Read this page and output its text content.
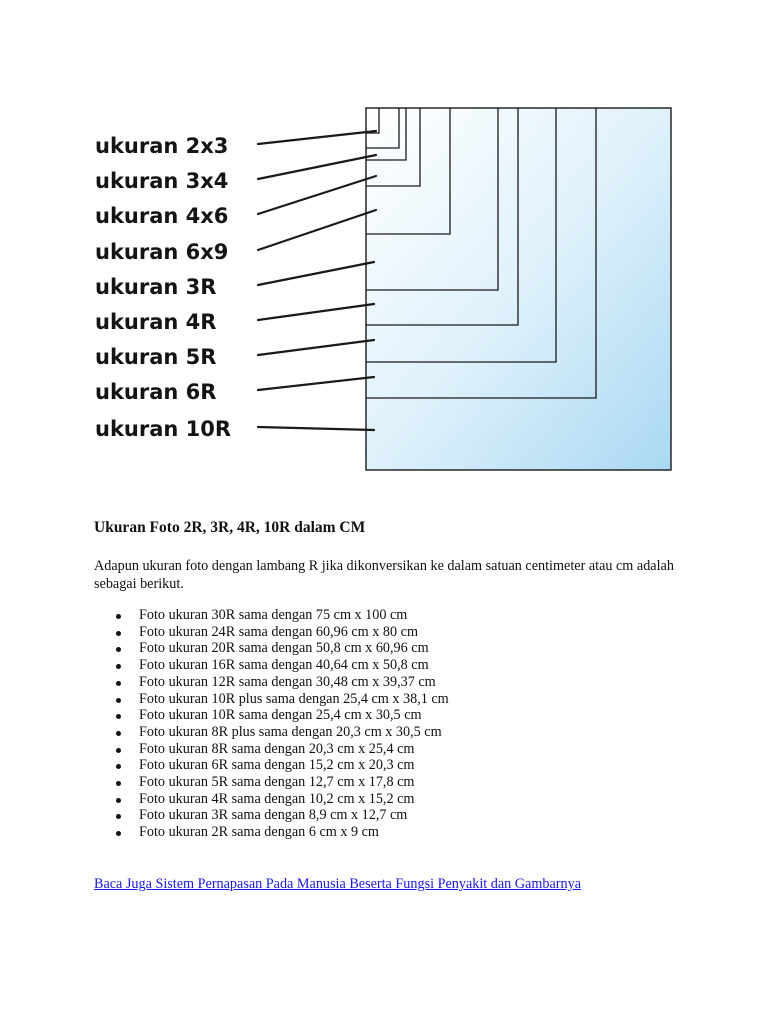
ukuran 2x3
ukuran 3x4
ukuran 4x6
ukuran 6x9
ukuran 3R
ukuran 4R
ukuran 5R
ukuran 6R
ukuran 10R
Ukuran Foto 2R, 3R, 4R, 10R dalam CM

Adapun ukuran foto dengan lambang R jika dikonversikan ke dalam satuan centimeter atau cm adalah sebagai berikut.

Foto ukuran 30R sama dengan 75 cm x 100 cm
Foto ukuran 24R sama dengan 60,96 cm x 80 cm
Foto ukuran 20R sama dengan 50,8 cm x 60,96 cm
Foto ukuran 16R sama dengan 40,64 cm x 50,8 cm
Foto ukuran 12R sama dengan 30,48 cm x 39,37 cm
Foto ukuran 10R plus sama dengan 25,4 cm x 38,1 cm
Foto ukuran 10R sama dengan 25,4 cm x 30,5 cm
Foto ukuran 8R plus sama dengan 20,3 cm x 30,5 cm
Foto ukuran 8R sama dengan 20,3 cm x 25,4 cm
Foto ukuran 6R sama dengan 15,2 cm x 20,3 cm
Foto ukuran 5R sama dengan 12,7 cm x 17,8 cm
Foto ukuran 4R sama dengan 10,2 cm x 15,2 cm
Foto ukuran 3R sama dengan 8,9 cm x 12,7 cm
Foto ukuran 2R sama dengan 6 cm x 9 cm
Baca Juga Sistem Pernapasan Pada Manusia Beserta Fungsi Penyakit dan Gambarnya
